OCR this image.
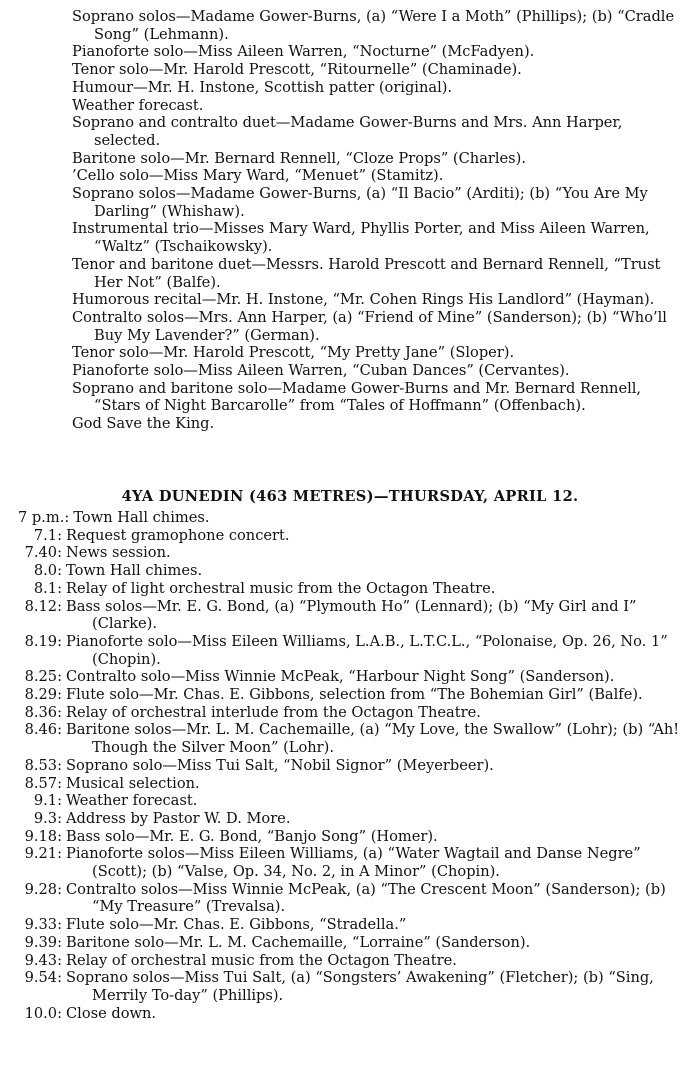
Soprano solos—Madame Gower-Burns, (a) “Were I a Moth” (Phillips); (b) “Cradle Song” (Lehmann).

Pianoforte solo—Miss Aileen Warren, “Nocturne” (McFadyen).

Tenor solo—Mr. Harold Prescott, “Ritournelle” (Chaminade).

Humour—Mr. H. Instone, Scottish patter (original).

Weather forecast.

Soprano and contralto duet—Madame Gower-Burns and Mrs. Ann Harper, selected.

Baritone solo—Mr. Bernard Rennell, “Cloze Props” (Charles).

’Cello solo—Miss Mary Ward, “Menuet” (Stamitz).

Soprano solos—Madame Gower-Burns, (a) “Il Bacio” (Arditi); (b) “You Are My Darling” (Whishaw).

Instrumental trio—Misses Mary Ward, Phyllis Porter, and Miss Aileen Warren, “Waltz” (Tschaikowsky).

Tenor and baritone duet—Messrs. Harold Prescott and Bernard Rennell, “Trust Her Not” (Balfe).

Humorous recital—Mr. H. Instone, “Mr. Cohen Rings His Landlord” (Hayman).

Contralto solos—Mrs. Ann Harper, (a) “Friend of Mine” (Sanderson); (b) “Who’ll Buy My Lavender?” (German).

Tenor solo—Mr. Harold Prescott, “My Pretty Jane” (Sloper).

Pianoforte solo—Miss Aileen Warren, “Cuban Dances” (Cervantes).

Soprano and baritone solo—Madame Gower-Burns and Mr. Bernard Rennell, “Stars of Night Barcarolle” from “Tales of Hoffmann” (Offenbach).

God Save the King.

4YA DUNEDIN (463 METRES)—THURSDAY, APRIL 12.
7 p.m.: Town Hall chimes.
7.1: Request gramophone concert.
7.40: News session.
8.0: Town Hall chimes.
8.1: Relay of light orchestral music from the Octagon Theatre.
8.12: Bass solos—Mr. E. G. Bond, (a) “Plymouth Ho” (Lennard); (b) “My Girl and I” (Clarke).
8.19: Pianoforte solo—Miss Eileen Williams, L.A.B., L.T.C.L., “Polonaise, Op. 26, No. 1” (Chopin).
8.25: Contralto solo—Miss Winnie McPeak, “Harbour Night Song” (Sanderson).
8.29: Flute solo—Mr. Chas. E. Gibbons, selection from “The Bohemian Girl” (Balfe).
8.36: Relay of orchestral interlude from the Octagon Theatre.
8.46: Baritone solos—Mr. L. M. Cachemaille, (a) “My Love, the Swallow” (Lohr); (b) “Ah! Though the Silver Moon” (Lohr).
8.53: Soprano solo—Miss Tui Salt, “Nobil Signor” (Meyerbeer).
8.57: Musical selection.
9.1: Weather forecast.
9.3: Address by Pastor W. D. More.
9.18: Bass solo—Mr. E. G. Bond, “Banjo Song” (Homer).
9.21: Pianoforte solos—Miss Eileen Williams, (a) “Water Wagtail and Danse Negre” (Scott); (b) “Valse, Op. 34, No. 2, in A Minor” (Chopin).
9.28: Contralto solos—Miss Winnie McPeak, (a) “The Crescent Moon” (Sanderson); (b) “My Treasure” (Trevalsa).
9.33: Flute solo—Mr. Chas. E. Gibbons, “Stradella.”
9.39: Baritone solo—Mr. L. M. Cachemaille, “Lorraine” (Sanderson).
9.43: Relay of orchestral music from the Octagon Theatre.
9.54: Soprano solos—Miss Tui Salt, (a) “Songsters’ Awakening” (Fletcher); (b) “Sing, Merrily To-day” (Phillips).
10.0: Close down.
